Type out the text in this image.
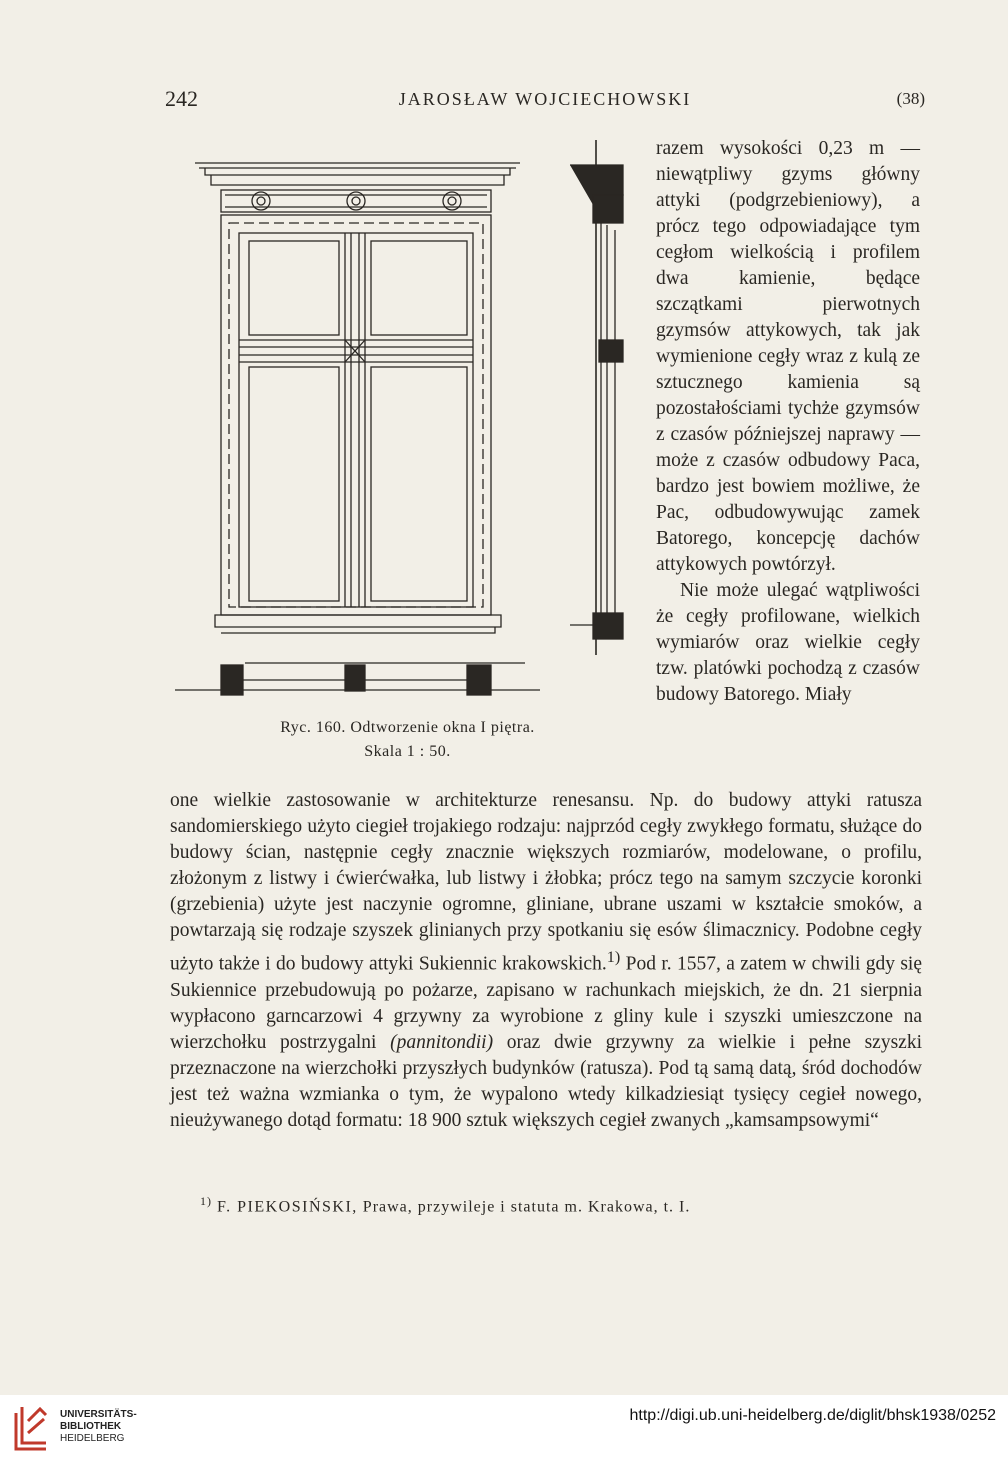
242	JAROSŁAW WOJCIECHOWSKI	(38)
Ryc. 160. Odtworzenie okna I piętra.
Skala 1 : 50.

razem wysokości 0,23 m — niewątpliwy gzyms główny attyki (podgrzebieniowy), a prócz tego odpowiadające tym cegłom wielkością i profilem dwa kamienie, będące szczątkami pierwotnych gzymsów attykowych, tak jak wymienione cegły wraz z kulą ze sztucznego kamienia są pozostałościami tychże gzymsów z czasów późniejszej naprawy — może z czasów odbudowy Paca, bardzo jest bowiem możliwe, że Pac, odbudowywując zamek Batorego, koncepcję dachów attykowych powtórzył.

Nie może ulegać wątpliwości że cegły profilowane, wielkich wymiarów oraz wielkie cegły tzw. platówki pochodzą z czasów budowy Batorego. Miały

one wielkie zastosowanie w architekturze renesansu. Np. do budowy attyki ratusza sandomierskiego użyto ciegieł trojakiego rodzaju: najprzód cegły zwykłego formatu, służące do budowy ścian, następnie cegły znacznie większych rozmiarów, modelowane, o profilu, złożonym z listwy i ćwierćwałka, lub listwy i żłobka; prócz tego na samym szczycie koronki (grzebienia) użyte jest naczynie ogromne, gliniane, ubrane uszami w kształcie smoków, a powtarzają się rodzaje szyszek glinianych przy spotkaniu się esów ślimacznicy. Podobne cegły użyto także i do budowy attyki Sukiennic krakowskich.$^{1)}$ Pod r. 1557, a zatem w chwili gdy się Sukiennice przebudowują po pożarze, zapisano w rachunkach miejskich, że dn. 21 sierpnia wypłacono garncarzowi 4 grzywny za wyrobione z gliny kule i szyszki umieszczone na wierzchołku postrzygalni (pannitondii) oraz dwie grzywny za wielkie i pełne szyszki przeznaczone na wierzchołki przyszłych budynków (ratusza). Pod tą samą datą, śród dochodów jest też ważna wzmianka o tym, że wypalono wtedy kilkadziesiąt tysięcy cegieł nowego, nieużywanego dotąd formatu: 18 900 sztuk większych cegieł zwanych „kamsampsowymi“

$^{1)}$ F. PIEKOSIŃSKI, Prawa, przywileje i statuta m. Krakowa, t. I.
UNIVERSITÄTS-
BIBLIOTHEK
HEIDELBERG
http://digi.ub.uni-heidelberg.de/diglit/bhsk1938/0252
